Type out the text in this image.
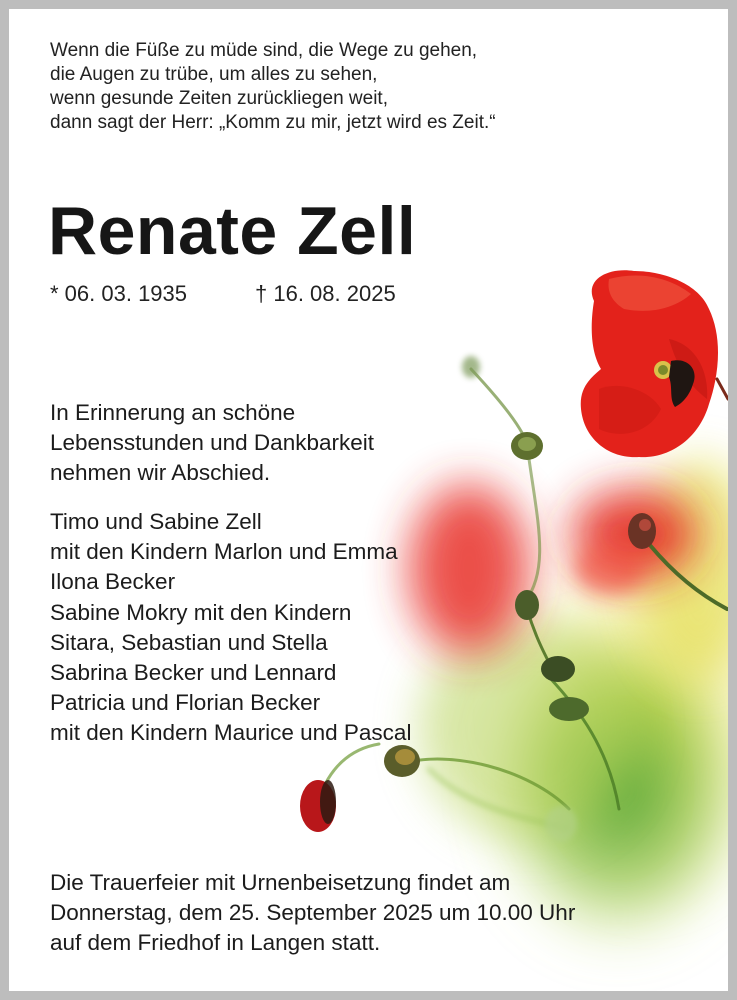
Wenn die Füße zu müde sind, die Wege zu gehen,
die Augen zu trübe, um alles zu sehen,
wenn gesunde Zeiten zurückliegen weit,
dann sagt der Herr: „Komm zu mir, jetzt wird es Zeit.“
Renate Zell
* 06. 03. 1935	† 16. 08. 2025
In Erinnerung an schöne
Lebensstunden und Dankbarkeit
nehmen wir Abschied.
Timo und Sabine Zell
mit den Kindern Marlon und Emma
Ilona Becker
Sabine Mokry mit den Kindern
Sitara, Sebastian und Stella
Sabrina Becker und Lennard
Patricia und Florian Becker
mit den Kindern Maurice und Pascal
Die Trauerfeier mit Urnenbeisetzung findet am
Donnerstag, dem 25. September 2025 um 10.00 Uhr
auf dem Friedhof in Langen statt.
